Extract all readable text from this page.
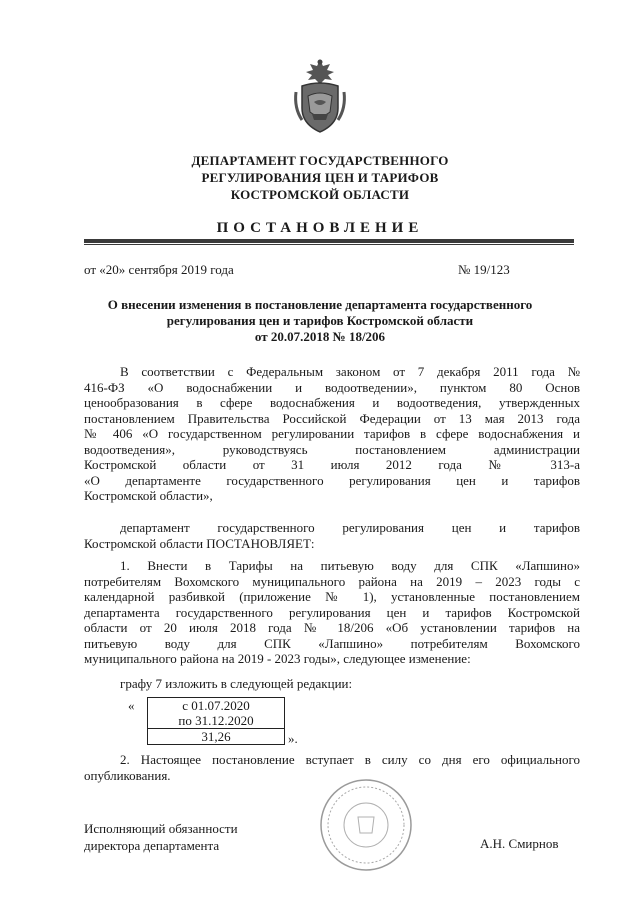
ДЕПАРТАМЕНТ ГОСУДАРСТВЕННОГО
РЕГУЛИРОВАНИЯ ЦЕН И ТАРИФОВ
КОСТРОМСКОЙ ОБЛАСТИ
ПОСТАНОВЛЕНИЕ
от «20» сентября 2019 года	№ 19/123
О внесении изменения в постановление департамента государственного
регулирования цен и тарифов Костромской области
от 20.07.2018 № 18/206
В соответствии с Федеральным законом от 7 декабря 2011 года №
416-ФЗ «О водоснабжении и водоотведении», пунктом 80 Основ
ценообразования в сфере водоснабжения и водоотведения, утвержденных
постановлением Правительства Российской Федерации от 13 мая 2013 года
№ 406 «О государственном регулировании тарифов в сфере водоснабжения и
водоотведения», руководствуясь постановлением администрации
Костромской области от 31 июля 2012 года № 313-а
«О департаменте государственного регулирования цен и тарифов
Костромской области»,
департамент государственного регулирования цен и тарифов
Костромской области ПОСТАНОВЛЯЕТ:
1. Внести в Тарифы на питьевую воду для СПК «Лапшино»
потребителям Вохомского муниципального района на 2019 – 2023 годы с
календарной разбивкой (приложение № 1), установленные постановлением
департамента государственного регулирования цен и тарифов Костромской
области от 20 июля 2018 года № 18/206 «Об установлении тарифов на
питьевую воду для СПК «Лапшино» потребителям Вохомского
муниципального района на 2019 - 2023 годы», следующее изменение:
графу 7 изложить в следующей редакции:
«	с 01.07.2020
по 31.12.2020

31,26	».
2. Настоящее постановление вступает в силу со дня его официального
опубликования.
Исполняющий обязанности
директора департамента	А.Н. Смирнов
